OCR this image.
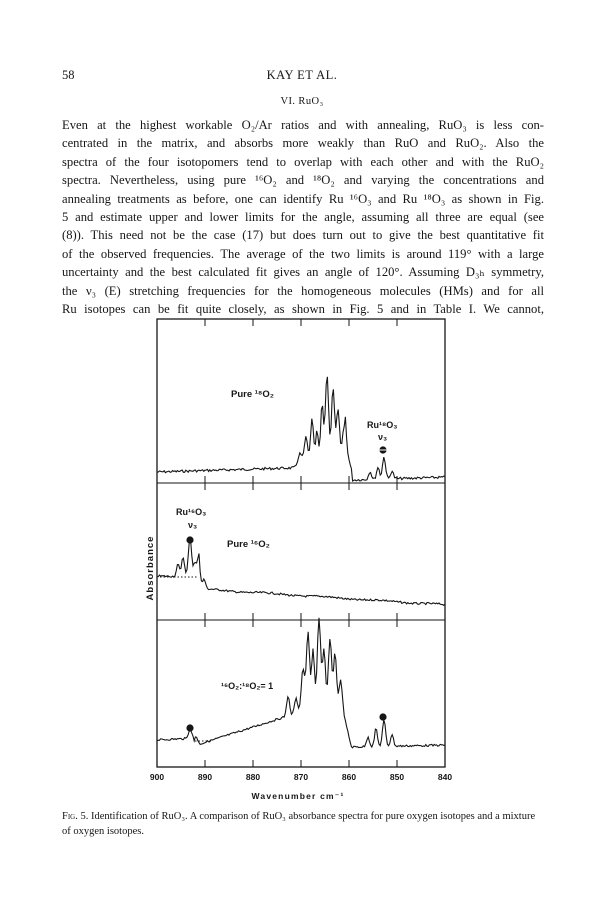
58	KAY ET AL.
VI. RuO₃
Even at the highest workable O₂/Ar ratios and with annealing, RuO₃ is less con-
centrated in the matrix, and absorbs more weakly than RuO and RuO₂. Also the
spectra of the four isotopomers tend to overlap with each other and with the RuO₂
spectra. Nevertheless, using pure ¹⁶O₂ and ¹⁸O₂ and varying the concentrations and
annealing treatments as before, one can identify Ru ¹⁶O₃ and Ru ¹⁸O₃ as shown in Fig.
5 and estimate upper and lower limits for the angle, assuming all three are equal (see
(8)). This need not be the case (17) but does turn out to give the best quantitative fit
of the observed frequencies. The average of the two limits is around 119° with a large
uncertainty and the best calculated fit gives an angle of 120°. Assuming D₃ₕ symmetry,
the ν₃ (E) stretching frequencies for the homogeneous molecules (HMs) and for all
Ru isotopes can be fit quite closely, as shown in Fig. 5 and in Table I. We cannot,
Pure ¹⁸O₂
Ru¹⁸O₃
ν₃
Ru¹⁶O₃
ν₃
Pure ¹⁶O₂
¹⁶O₂:¹⁸O₂= 1
Absorbance
900	890	880	870	860	850	840
Wavenumber cm⁻¹

Fig. 5. Identification of RuO₃. A comparison of RuO₃ absorbance spectra for pure oxygen isotopes and a mixture of oxygen isotopes.
